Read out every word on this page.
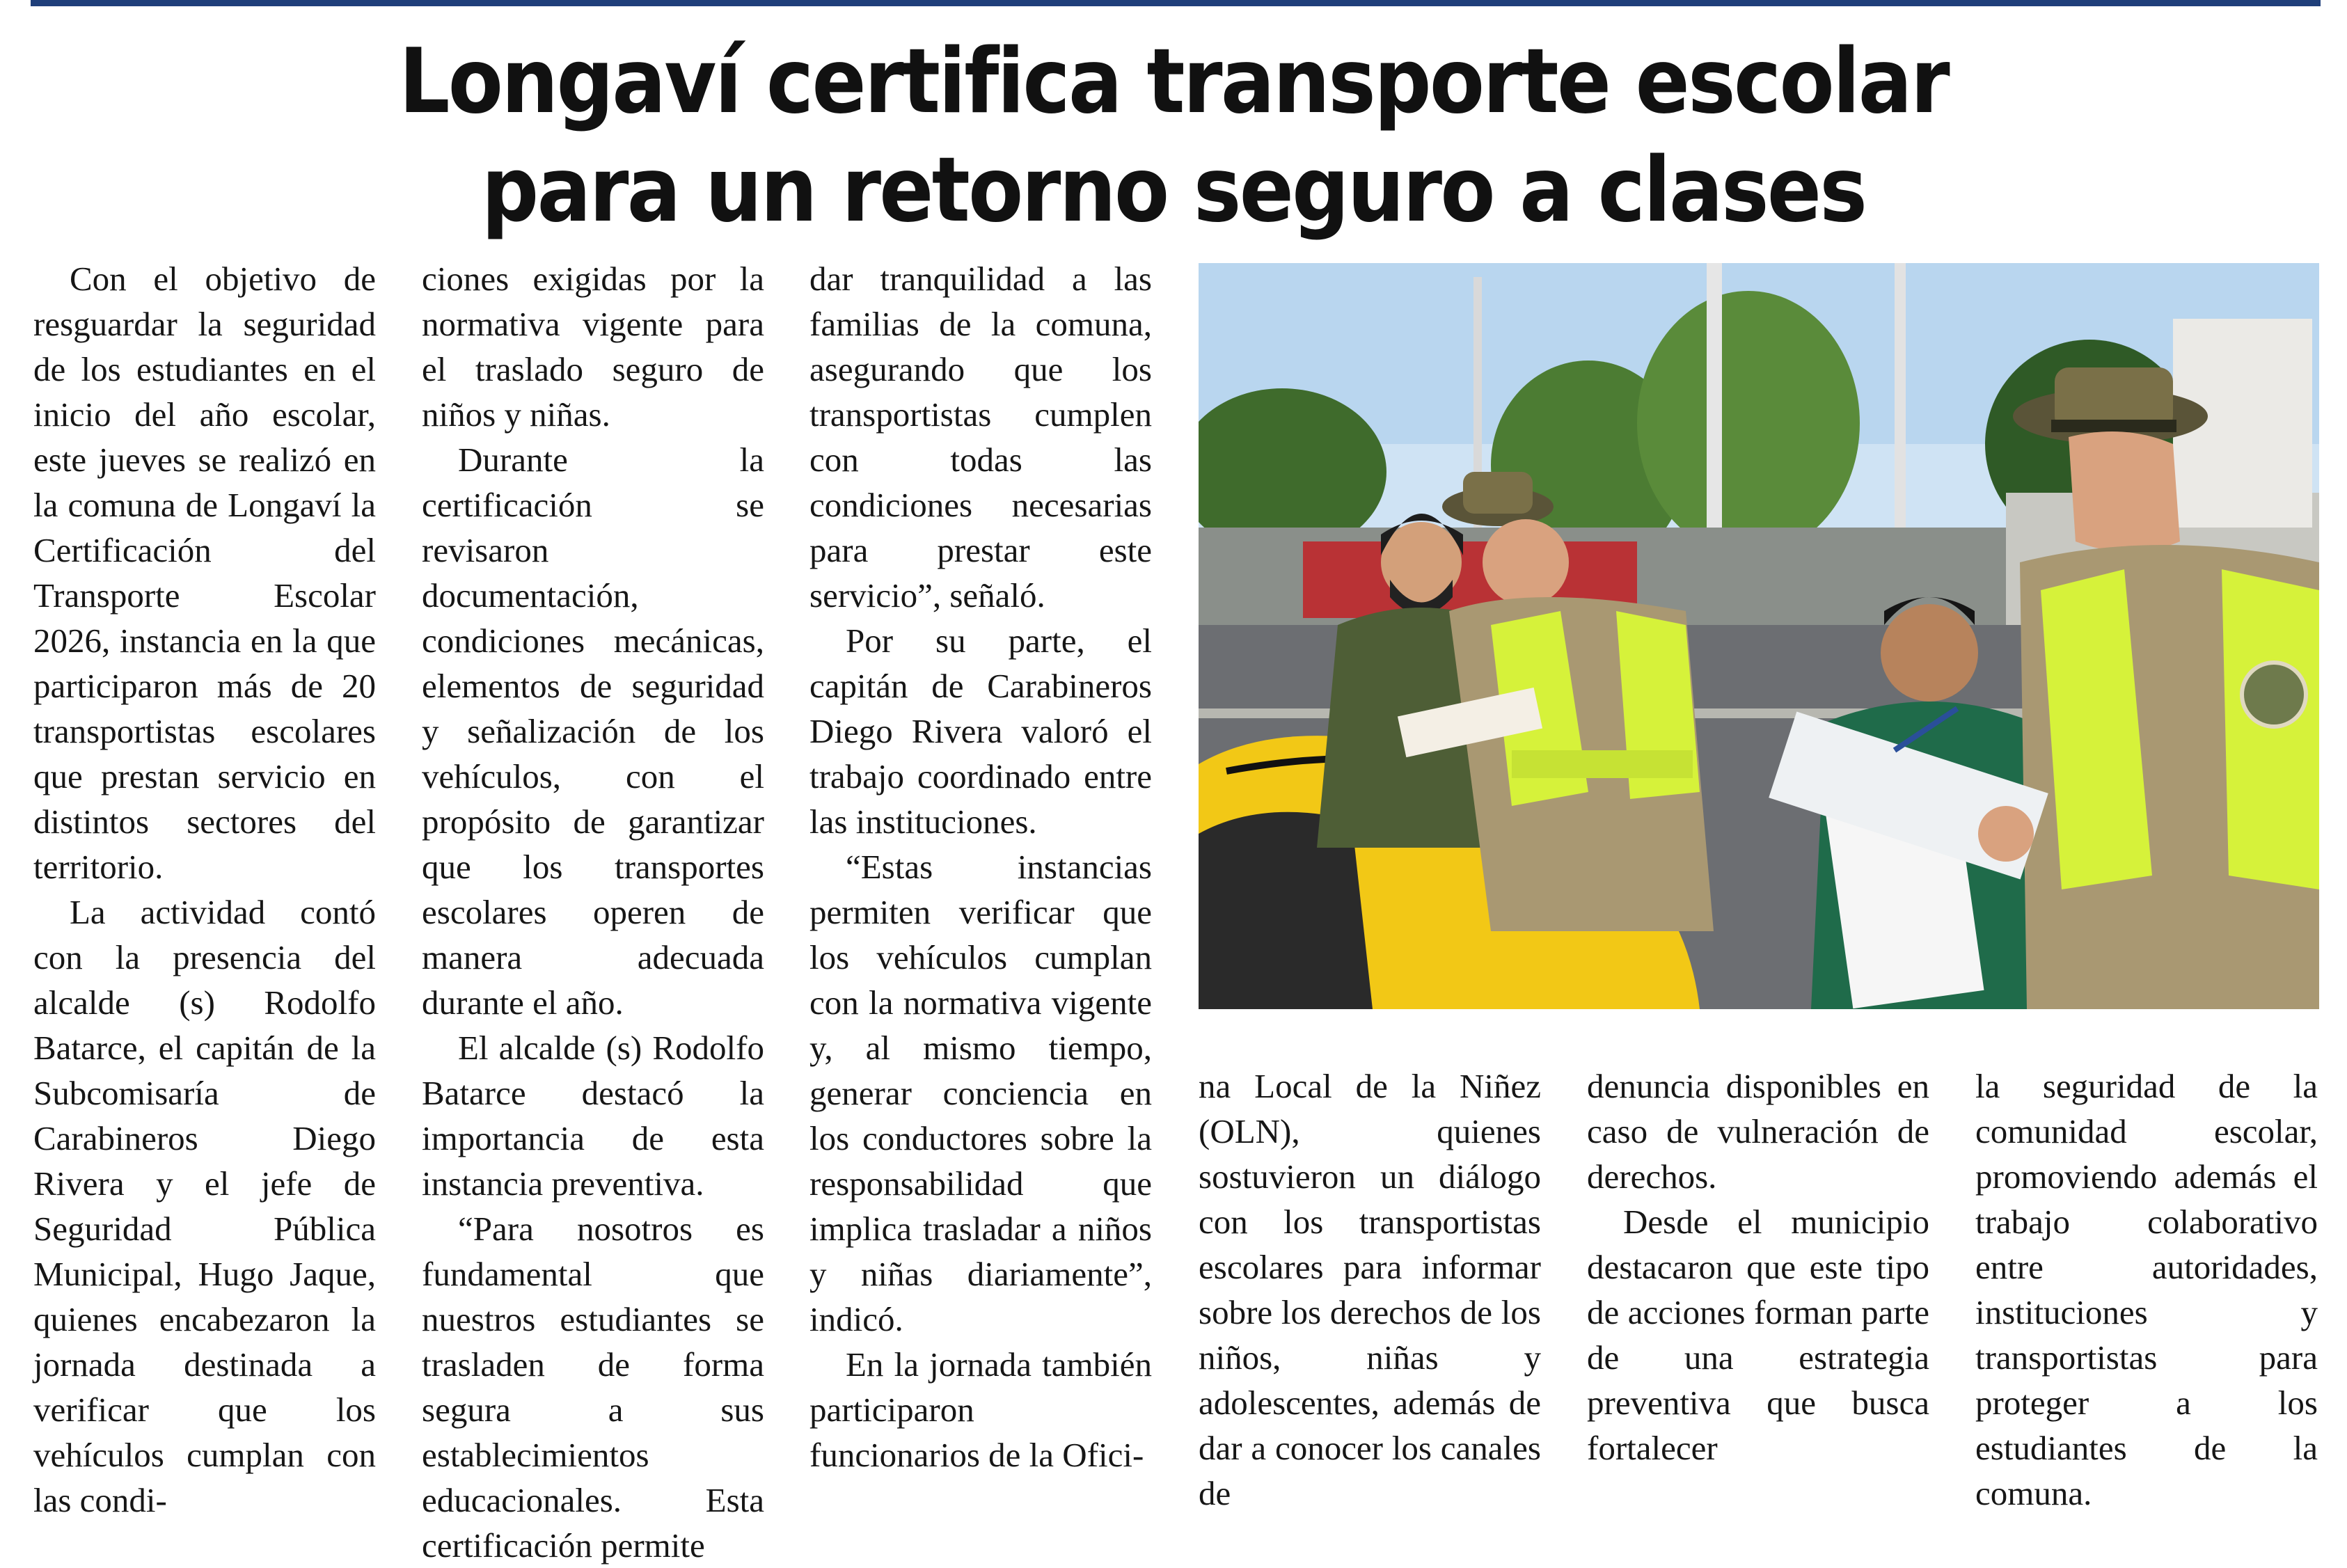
Longaví certifica transporte escolar
para un retorno seguro a clases

Con el objetivo de resguardar la seguridad de los estudiantes en el inicio del año escolar, este jueves se realizó en la comuna de Longaví la Certificación del Transporte Escolar 2026, instancia en la que participaron más de 20 transportistas escolares que prestan servicio en distintos sectores del territorio.

La actividad contó con la presencia del alcalde (s) Rodolfo Batarce, el capitán de la Subcomisaría de Carabineros Diego Rivera y el jefe de Seguridad Pública Municipal, Hugo Jaque, quienes encabezaron la jornada destinada a verificar que los vehículos cumplan con las condi-

ciones exigidas por la normativa vigente para el traslado seguro de niños y niñas.

Durante la certificación se revisaron documentación, condiciones mecánicas, elementos de seguridad y señalización de los vehículos, con el propósito de garantizar que los transportes escolares operen de manera adecuada durante el año.

El alcalde (s) Rodolfo Batarce destacó la importancia de esta instancia preventiva.

“Para nosotros es fundamental que nuestros estudiantes se trasladen de forma segura a sus establecimientos educacionales. Esta certificación permite

dar tranquilidad a las familias de la comuna, asegurando que los transportistas cumplen con todas las condiciones necesarias para prestar este servicio”, señaló.

Por su parte, el capitán de Carabineros Diego Rivera valoró el trabajo coordinado entre las instituciones.

“Estas instancias permiten verificar que los vehículos cumplan con la normativa vigente y, al mismo tiempo, generar conciencia en los conductores sobre la responsabilidad que implica trasladar a niños y niñas diariamente”, indicó.

En la jornada también participaron funcionarios de la Ofici-

na Local de la Niñez (OLN), quienes sostuvieron un diálogo con los transportistas escolares para informar sobre los derechos de los niños, niñas y adolescentes, además de dar a conocer los canales de

denuncia disponibles en caso de vulneración de derechos.

Desde el municipio destacaron que este tipo de acciones forman parte de una estrategia preventiva que busca fortalecer

la seguridad de la comunidad escolar, promoviendo además el trabajo colaborativo entre autoridades, instituciones y transportistas para proteger a los estudiantes de la comuna.
